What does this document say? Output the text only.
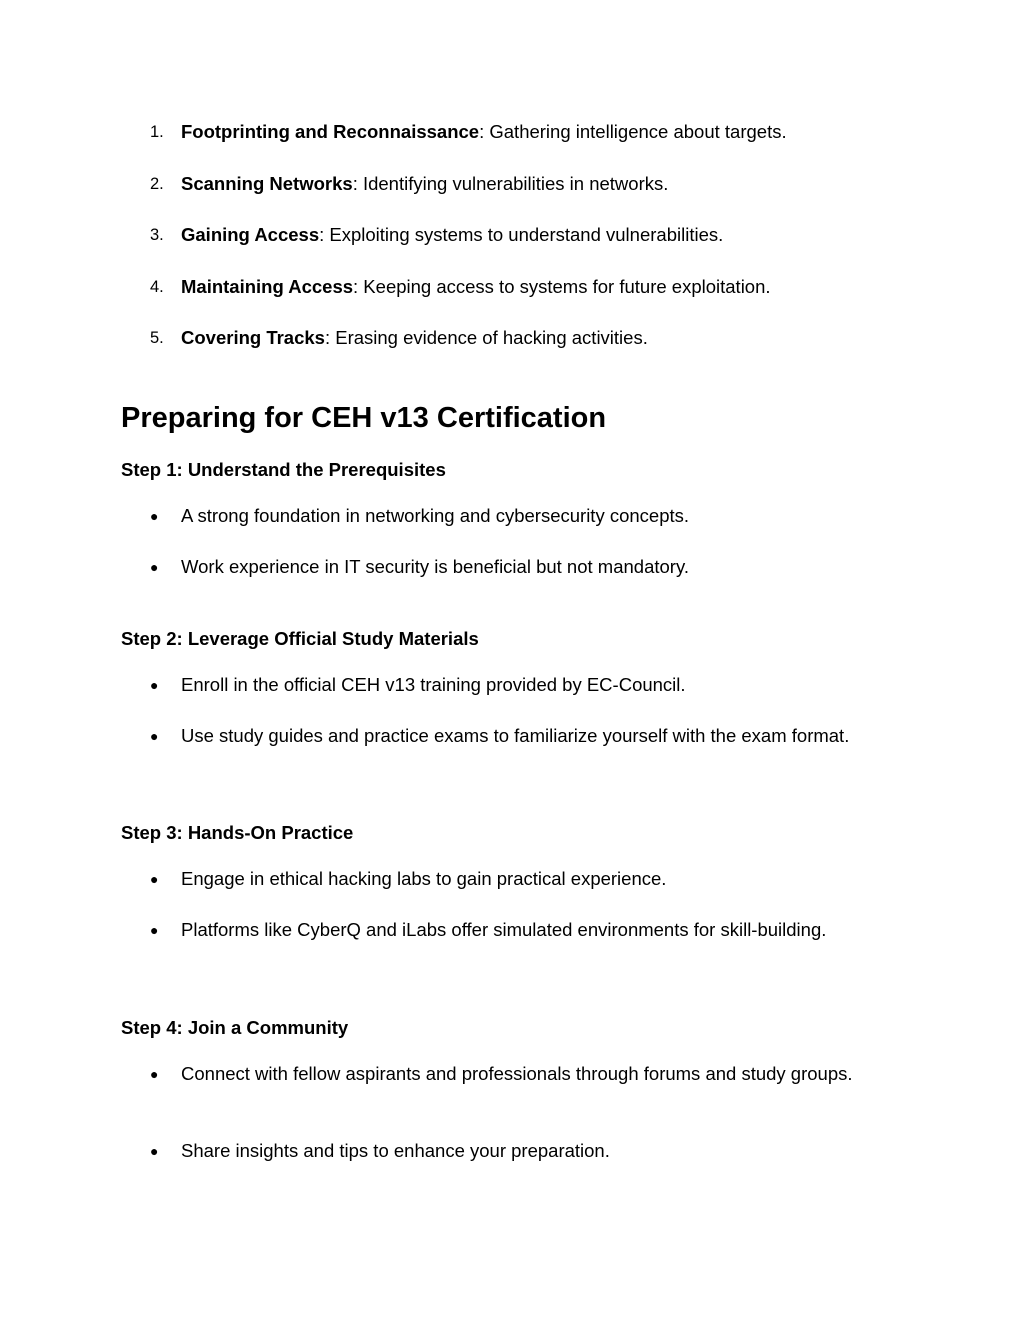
1. Footprinting and Reconnaissance: Gathering intelligence about targets.
2. Scanning Networks: Identifying vulnerabilities in networks.
3. Gaining Access: Exploiting systems to understand vulnerabilities.
4. Maintaining Access: Keeping access to systems for future exploitation.
5. Covering Tracks: Erasing evidence of hacking activities.
Preparing for CEH v13 Certification
Step 1: Understand the Prerequisites
● A strong foundation in networking and cybersecurity concepts.
● Work experience in IT security is beneficial but not mandatory.
Step 2: Leverage Official Study Materials
● Enroll in the official CEH v13 training provided by EC-Council.
● Use study guides and practice exams to familiarize yourself with the exam format.
Step 3: Hands-On Practice
● Engage in ethical hacking labs to gain practical experience.
● Platforms like CyberQ and iLabs offer simulated environments for skill-building.
Step 4: Join a Community
● Connect with fellow aspirants and professionals through forums and study groups.
● Share insights and tips to enhance your preparation.
